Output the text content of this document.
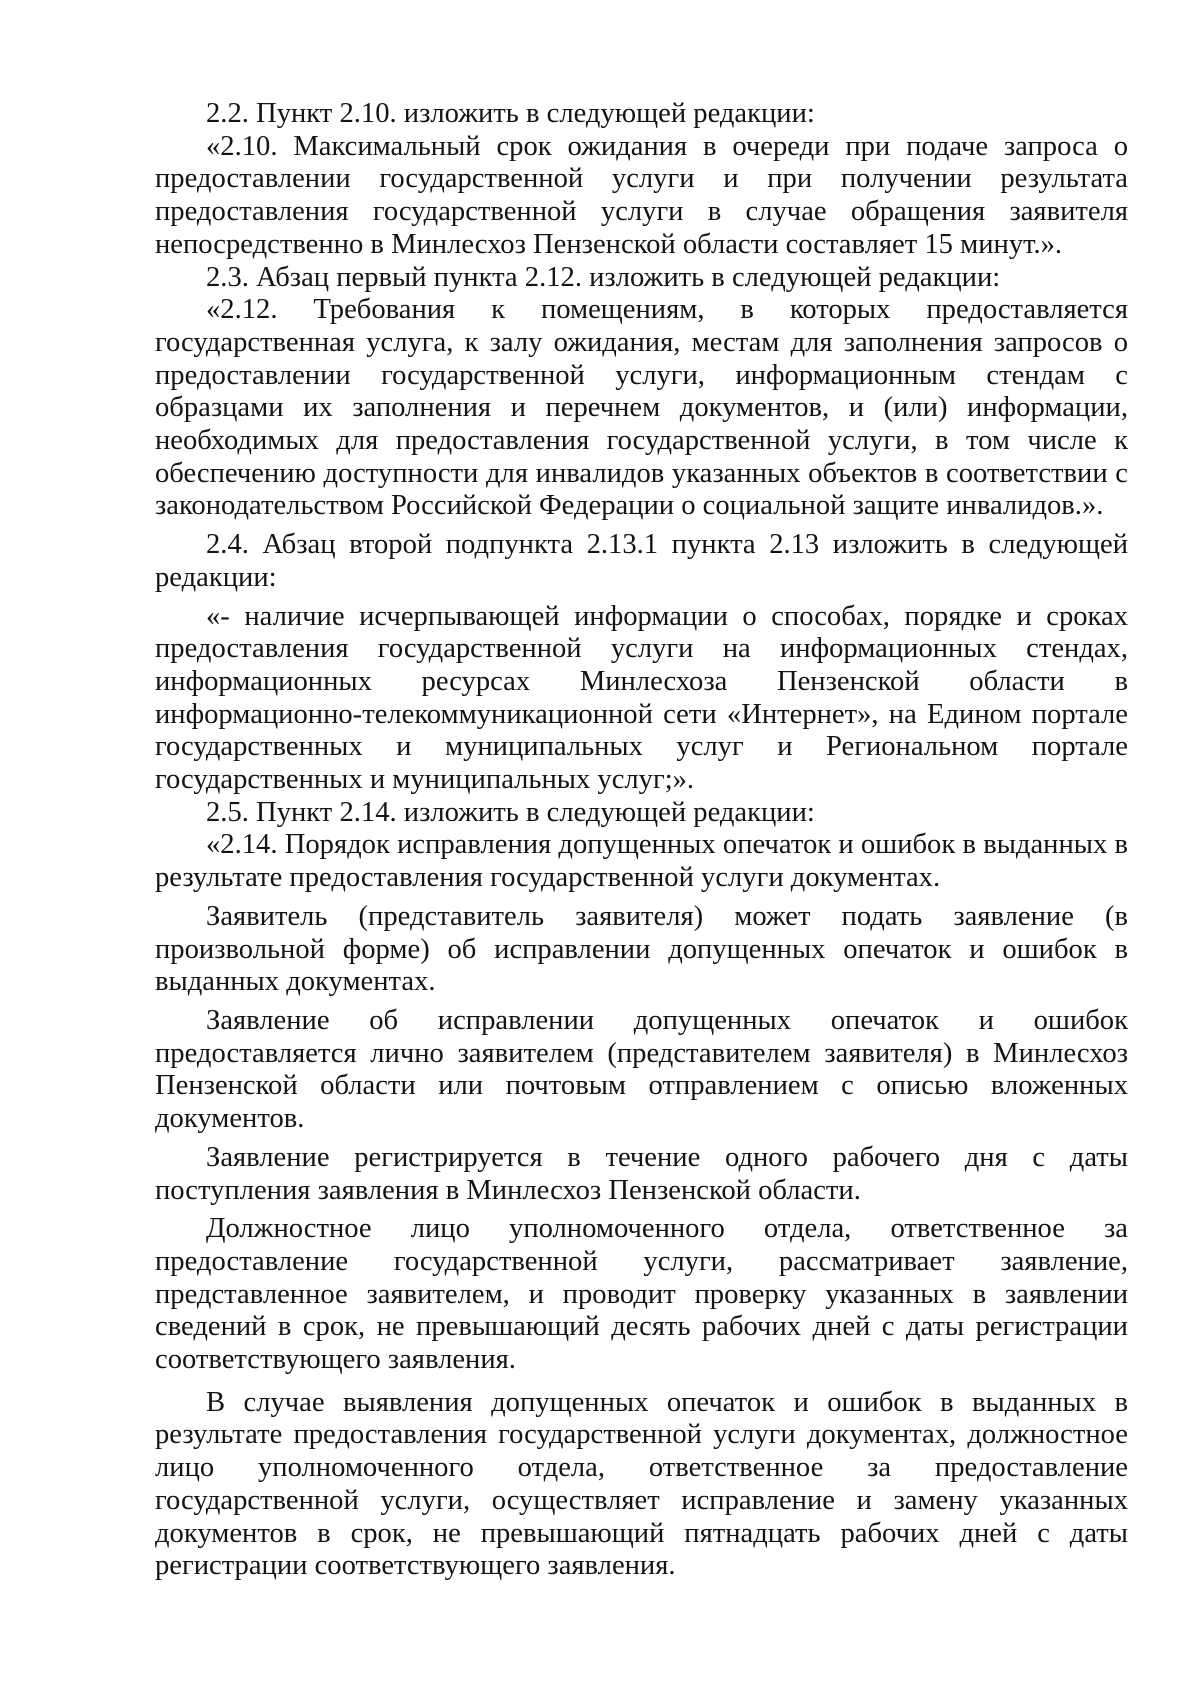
2.2. Пункт 2.10. изложить в следующей редакции:

«2.10. Максимальный срок ожидания в очереди при подаче запроса о предоставлении государственной услуги и при получении результата предоставления государственной услуги в случае обращения заявителя непосредственно в Минлесхоз Пензенской области составляет 15 минут.».

2.3. Абзац первый пункта 2.12. изложить в следующей редакции:

«2.12. Требования к помещениям, в которых предоставляется государственная услуга, к залу ожидания, местам для заполнения запросов о предоставлении государственной услуги, информационным стендам с образцами их заполнения и перечнем документов, и (или) информации, необходимых для предоставления государственной услуги, в том числе к обеспечению доступности для инвалидов указанных объектов в соответствии с законодательством Российской Федерации о социальной защите инвалидов.».

2.4. Абзац второй подпункта 2.13.1 пункта 2.13 изложить в следующей редакции:

«- наличие исчерпывающей информации о способах, порядке и сроках предоставления государственной услуги на информационных стендах, информационных ресурсах Минлесхоза Пензенской области в информационно-телекоммуникационной сети «Интернет», на Едином портале государственных и муниципальных услуг и Региональном портале государственных и муниципальных услуг;».

2.5. Пункт 2.14. изложить в следующей редакции:

«2.14. Порядок исправления допущенных опечаток и ошибок в выданных в результате предоставления государственной услуги документах.

Заявитель (представитель заявителя) может подать заявление (в произвольной форме) об исправлении допущенных опечаток и ошибок в выданных документах.

Заявление об исправлении допущенных опечаток и ошибок предоставляется лично заявителем (представителем заявителя) в Минлесхоз Пензенской области или почтовым отправлением с описью вложенных документов.

Заявление регистрируется в течение одного рабочего дня с даты поступления заявления в Минлесхоз Пензенской области.

Должностное лицо уполномоченного отдела, ответственное за предоставление государственной услуги, рассматривает заявление, представленное заявителем, и проводит проверку указанных в заявлении сведений в срок, не превышающий десять рабочих дней с даты регистрации соответствующего заявления.

В случае выявления допущенных опечаток и ошибок в выданных в результате предоставления государственной услуги документах, должностное лицо уполномоченного отдела, ответственное за предоставление государственной услуги, осуществляет исправление и замену указанных документов в срок, не превышающий пятнадцать рабочих дней с даты регистрации соответствующего заявления.
